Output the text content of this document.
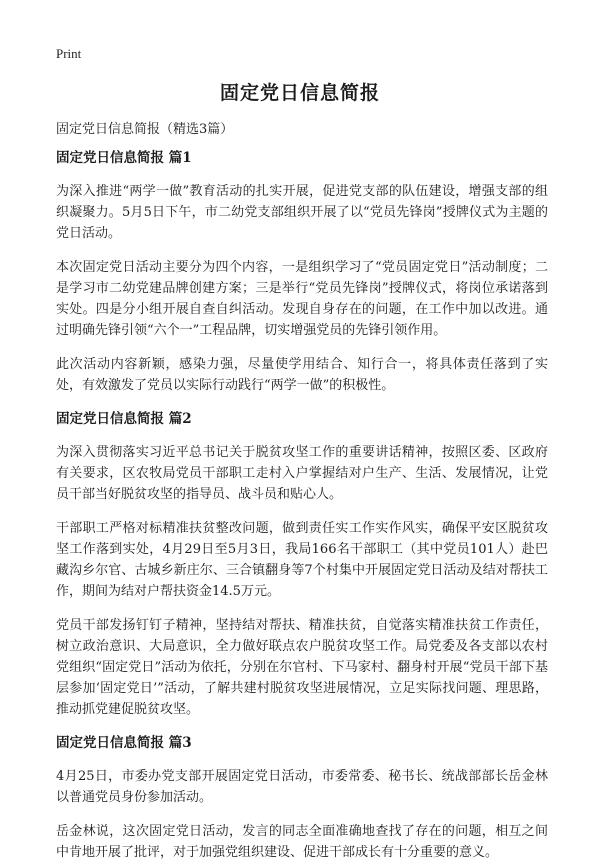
Print
固定党日信息简报
固定党日信息简报（精选3篇）
固定党日信息简报 篇1

为深入推进“两学一做”教育活动的扎实开展，促进党支部的队伍建设，增强支部的组织凝聚力。5月5日下午，市二幼党支部组织开展了以“党员先锋岗”授牌仪式为主题的党日活动。

本次固定党日活动主要分为四个内容，一是组织学习了“党员固定党日”活动制度；二是学习市二幼党建品牌创建方案；三是举行“党员先锋岗”授牌仪式，将岗位承诺落到实处。四是分小组开展自查自纠活动。发现自身存在的问题，在工作中加以改进。通过明确先锋引领“六个一”工程品牌，切实增强党员的先锋引领作用。

此次活动内容新颖，感染力强，尽量使学用结合、知行合一，将具体责任落到了实处，有效激发了党员以实际行动践行“两学一做”的积极性。

固定党日信息简报 篇2

为深入贯彻落实习近平总书记关于脱贫攻坚工作的重要讲话精神，按照区委、区政府有关要求，区农牧局党员干部职工走村入户掌握结对户生产、生活、发展情况，让党员干部当好脱贫攻坚的指导员、战斗员和贴心人。

干部职工严格对标精准扶贫整改问题，做到责任实工作实作风实，确保平安区脱贫攻坚工作落到实处，4月29日至5月3日，我局166名干部职工（其中党员101人）赴巴藏沟乡尔官、古城乡新庄尔、三合镇翻身等7个村集中开展固定党日活动及结对帮扶工作，期间为结对户帮扶资金14.5万元。

党员干部发扬钉钉子精神，坚持结对帮扶、精准扶贫，自觉落实精准扶贫工作责任，树立政治意识、大局意识，全力做好联点农户脱贫攻坚工作。局党委及各支部以农村党组织“固定党日”活动为依托，分别在尔官村、下马家村、翻身村开展“党员干部下基层参加‘固定党日’”活动，了解共建村脱贫攻坚进展情况，立足实际找问题、理思路，推动抓党建促脱贫攻坚。

固定党日信息简报 篇3

4月25日，市委办党支部开展固定党日活动，市委常委、秘书长、统战部部长岳金林以普通党员身份参加活动。

岳金林说，这次固定党日活动，发言的同志全面准确地查找了存在的问题，相互之间中肯地开展了批评，对于加强党组织建设、促进干部成长有十分重要的意义。
